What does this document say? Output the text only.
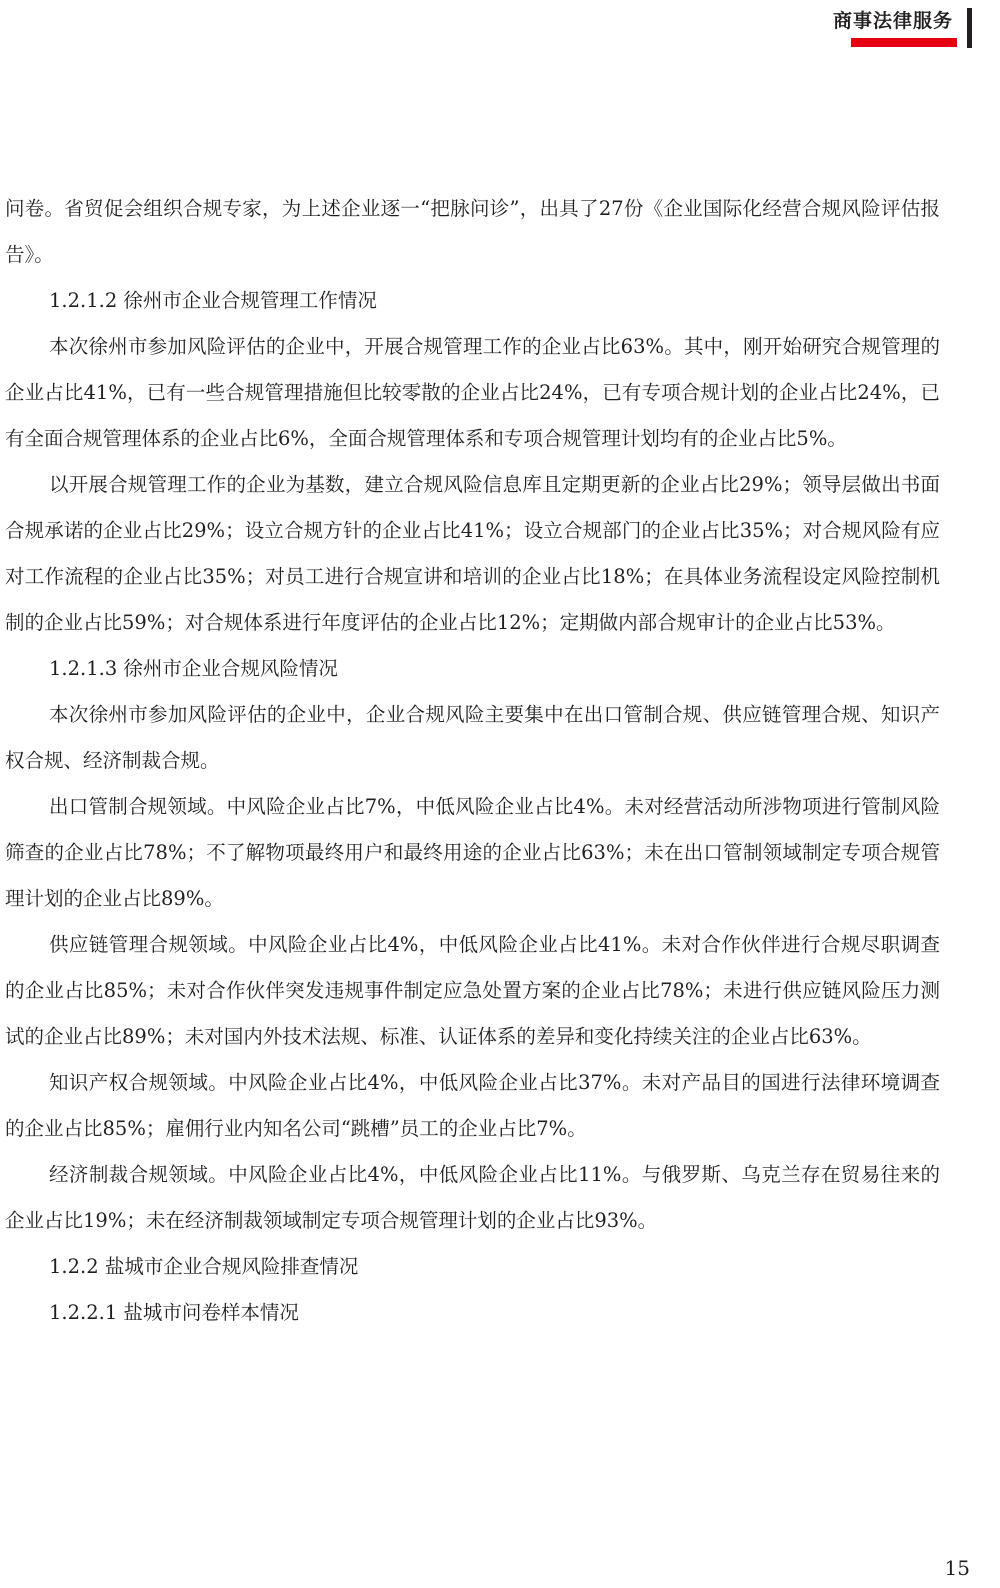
商事法律服务

问卷。省贸促会组织合规专家，为上述企业逐一“把脉问诊”，出具了27份《企业国际化经营合规风险评估报告》。

1.2.1.2 徐州市企业合规管理工作情况

本次徐州市参加风险评估的企业中，开展合规管理工作的企业占比63%。其中，刚开始研究合规管理的企业占比41%，已有一些合规管理措施但比较零散的企业占比24%，已有专项合规计划的企业占比24%，已有全面合规管理体系的企业占比6%，全面合规管理体系和专项合规管理计划均有的企业占比5%。

以开展合规管理工作的企业为基数，建立合规风险信息库且定期更新的企业占比29%；领导层做出书面合规承诺的企业占比29%；设立合规方针的企业占比41%；设立合规部门的企业占比35%；对合规风险有应对工作流程的企业占比35%；对员工进行合规宣讲和培训的企业占比18%；在具体业务流程设定风险控制机制的企业占比59%；对合规体系进行年度评估的企业占比12%；定期做内部合规审计的企业占比53%。

1.2.1.3 徐州市企业合规风险情况

本次徐州市参加风险评估的企业中，企业合规风险主要集中在出口管制合规、供应链管理合规、知识产权合规、经济制裁合规。

出口管制合规领域。中风险企业占比7%，中低风险企业占比4%。未对经营活动所涉物项进行管制风险筛查的企业占比78%；不了解物项最终用户和最终用途的企业占比63%；未在出口管制领域制定专项合规管理计划的企业占比89%。

供应链管理合规领域。中风险企业占比4%，中低风险企业占比41%。未对合作伙伴进行合规尽职调查的企业占比85%；未对合作伙伴突发违规事件制定应急处置方案的企业占比78%；未进行供应链风险压力测试的企业占比89%；未对国内外技术法规、标准、认证体系的差异和变化持续关注的企业占比63%。

知识产权合规领域。中风险企业占比4%，中低风险企业占比37%。未对产品目的国进行法律环境调查的企业占比85%；雇佣行业内知名公司“跳槽”员工的企业占比7%。

经济制裁合规领域。中风险企业占比4%，中低风险企业占比11%。与俄罗斯、乌克兰存在贸易往来的企业占比19%；未在经济制裁领域制定专项合规管理计划的企业占比93%。

1.2.2 盐城市企业合规风险排查情况

1.2.2.1 盐城市问卷样本情况

15
